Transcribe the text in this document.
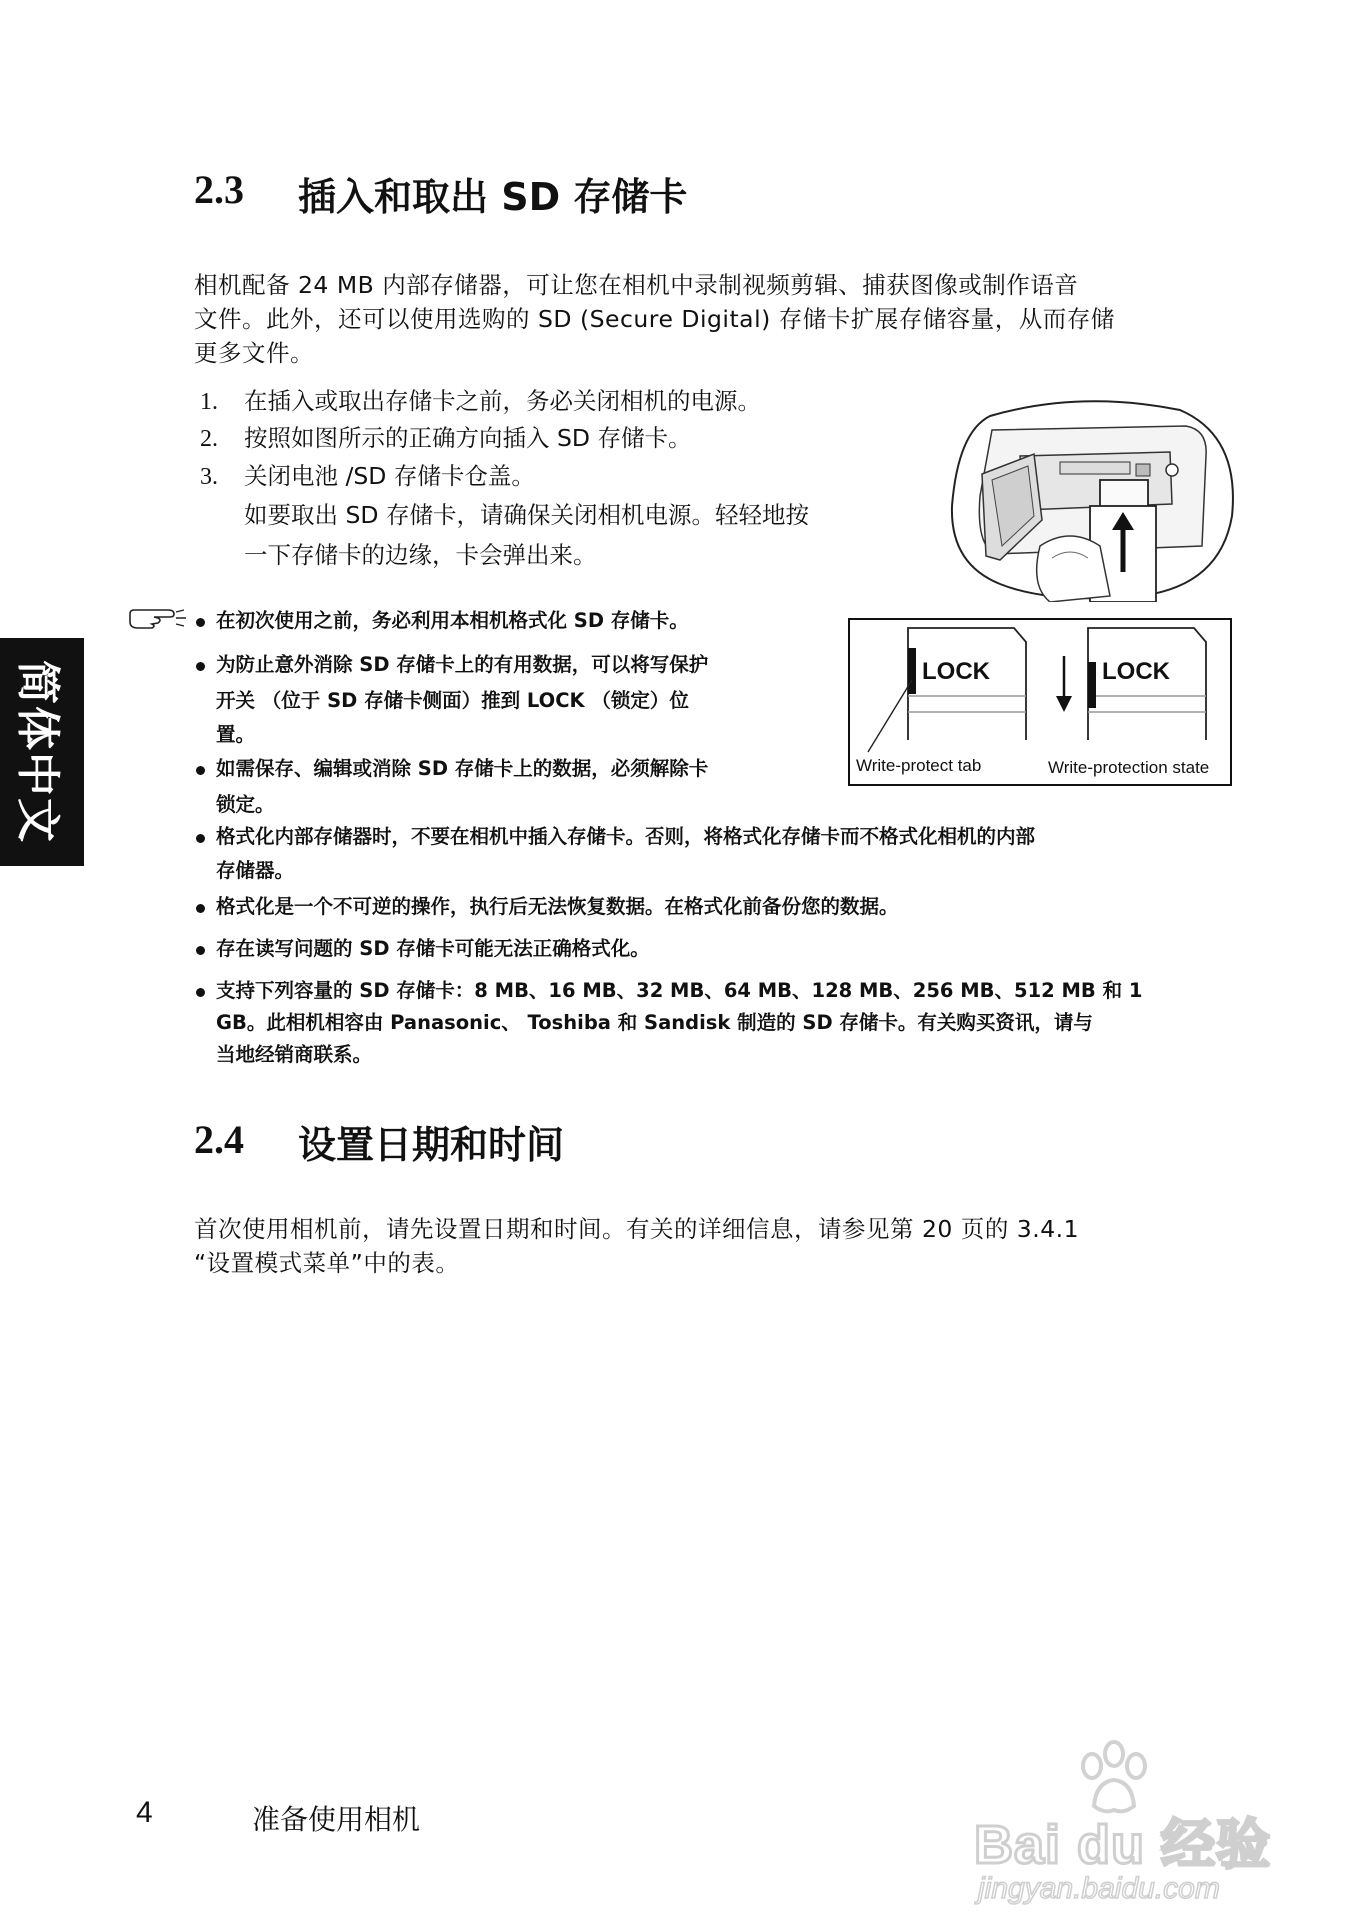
2.3 插入和取出 SD 存储卡

相机配备 24 MB 内部存储器，可让您在相机中录制视频剪辑、捕获图像或制作语音

文件。此外，还可以使用选购的 SD (Secure Digital) 存储卡扩展存储容量，从而存储

更多文件。

1. 在插入或取出存储卡之前，务必关闭相机的电源。
2. 按照如图所示的正确方向插入 SD 存储卡。
3. 关闭电池 /SD 存储卡仓盖。
如要取出 SD 存储卡，请确保关闭相机电源。轻轻地按
一下存储卡的边缘，卡会弹出来。
在初次使用之前，务必利用本相机格式化 SD 存储卡。
为防止意外消除 SD 存储卡上的有用数据，可以将写保护
开关 （位于 SD 存储卡侧面）推到 LOCK （锁定）位
置。
如需保存、编辑或消除 SD 存储卡上的数据，必须解除卡
锁定。
格式化内部存储器时，不要在相机中插入存储卡。否则，将格式化存储卡而不格式化相机的内部
存储器。
格式化是一个不可逆的操作，执行后无法恢复数据。在格式化前备份您的数据。
存在读写问题的 SD 存储卡可能无法正确格式化。
支持下列容量的 SD 存储卡：8 MB、16 MB、32 MB、64 MB、128 MB、256 MB、512 MB 和 1
GB。此相机相容由 Panasonic、 Toshiba 和 Sandisk 制造的 SD 存储卡。有关购买资讯，请与
当地经销商联系。
LOCK	LOCK
Write-protect tab	Write-protection state
2.4 设置日期和时间

首次使用相机前，请先设置日期和时间。有关的详细信息，请参见第 20 页的 3.4.1

“设置模式菜单”中的表。

简体中文
4	准备使用相机	Bai du 经验
jingyan.baidu.com
